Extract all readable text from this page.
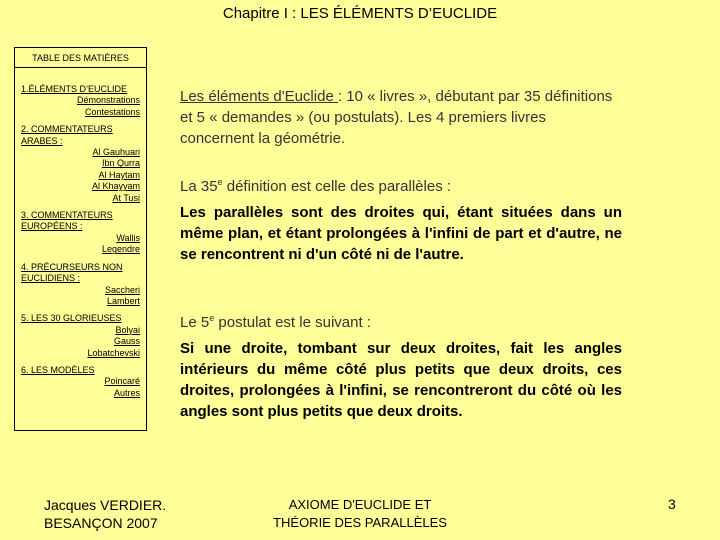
Chapitre I : LES ÉLÉMENTS D’EUCLIDE
TABLE DES MATIÈRES
1.ÉLÉMENTS D’EUCLIDE
Démonstrations
Contestations
2. COMMENTATEURS ARABES :
Al Gauhuari
Ibn Qurra
Al Haytam
Al Khayyam
At Tusi
3. COMMENTATEURS EUROPÉENS :
Wallis
Legendre
4. PRÉCURSEURS NON EUCLIDIENS :
Saccheri
Lambert
5. LES 30 GLORIEUSES
Bolyai
Gauss
Lobatchevski
6. LES MODÈLES
Poincaré
Autres
Les éléments d'Euclide : 10 « livres », débutant par 35 définitions et 5 « demandes » (ou postulats). Les 4 premiers livres concernent la géométrie.
La 35e définition est celle des parallèles :
Les parallèles sont des droites qui, étant situées dans un même plan, et étant prolongées à l'infini de part et d'autre, ne se rencontrent ni d'un côté ni de l'autre.
Le 5e postulat est le suivant :
Si une droite, tombant sur deux droites, fait les angles intérieurs du même côté plus petits que deux droits, ces droites, prolongées à l'infini, se rencontreront du côté où les angles sont plus petits que deux droits.
Jacques VERDIER.
BESANÇON 2007
AXIOME D'EUCLIDE ET
THÉORIE DES PARALLÈLES
3
